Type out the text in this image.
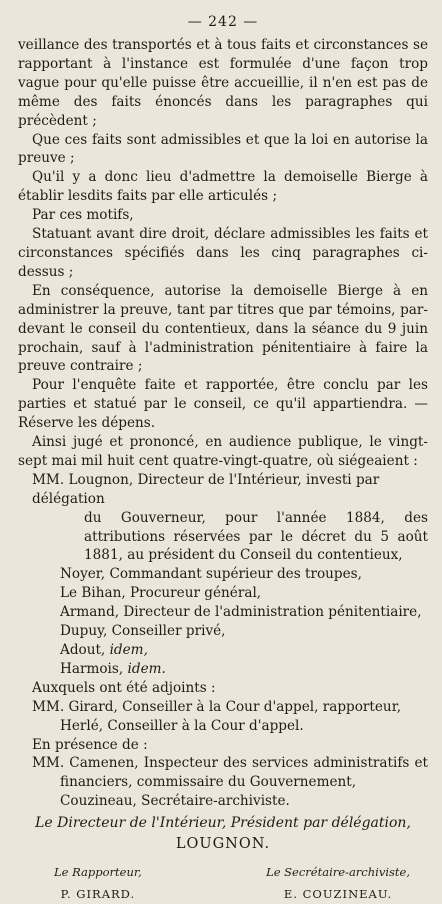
— 242 —

veillance des transportés et à tous faits et circonstances se rapportant à l'instance est formulée d'une façon trop vague pour qu'elle puisse être accueillie, il n'en est pas de même des faits énoncés dans les paragraphes qui précèdent ;

Que ces faits sont admissibles et que la loi en autorise la preuve ;

Qu'il y a donc lieu d'admettre la demoiselle Bierge à établir lesdits faits par elle articulés ;

Par ces motifs,

Statuant avant dire droit, déclare admissibles les faits et circonstances spécifiés dans les cinq paragraphes ci-dessus ;

En conséquence, autorise la demoiselle Bierge à en administrer la preuve, tant par titres que par témoins, par-devant le conseil du contentieux, dans la séance du 9 juin prochain, sauf à l'administration pénitentiaire à faire la preuve contraire ;

Pour l'enquête faite et rapportée, être conclu par les parties et statué par le conseil, ce qu'il appartiendra. — Réserve les dépens.

Ainsi jugé et prononcé, en audience publique, le vingt-sept mai mil huit cent quatre-vingt-quatre, où siégeaient :

MM. Lougnon, Directeur de l'Intérieur, investi par délégation

du Gouverneur, pour l'année 1884, des attributions réservées par le décret du 5 août 1881, au président du Conseil du contentieux,

Noyer, Commandant supérieur des troupes,
Le Bihan, Procureur général,
Armand, Directeur de l'administration pénitentiaire,
Dupuy, Conseiller privé,
Adout, idem,
Harmois, idem.

Auxquels ont été adjoints :

MM. Girard, Conseiller à la Cour d'appel, rapporteur,

Herlé, Conseiller à la Cour d'appel.

En présence de :

MM. Camenen, Inspecteur des services administratifs et financiers, commissaire du Gouvernement,

Couzineau, Secrétaire-archiviste.

Le Directeur de l'Intérieur, Président par délégation,
LOUGNON.
Le Rapporteur,
P. GIRARD.
Le Secrétaire-archiviste,
E. COUZINEAU.
